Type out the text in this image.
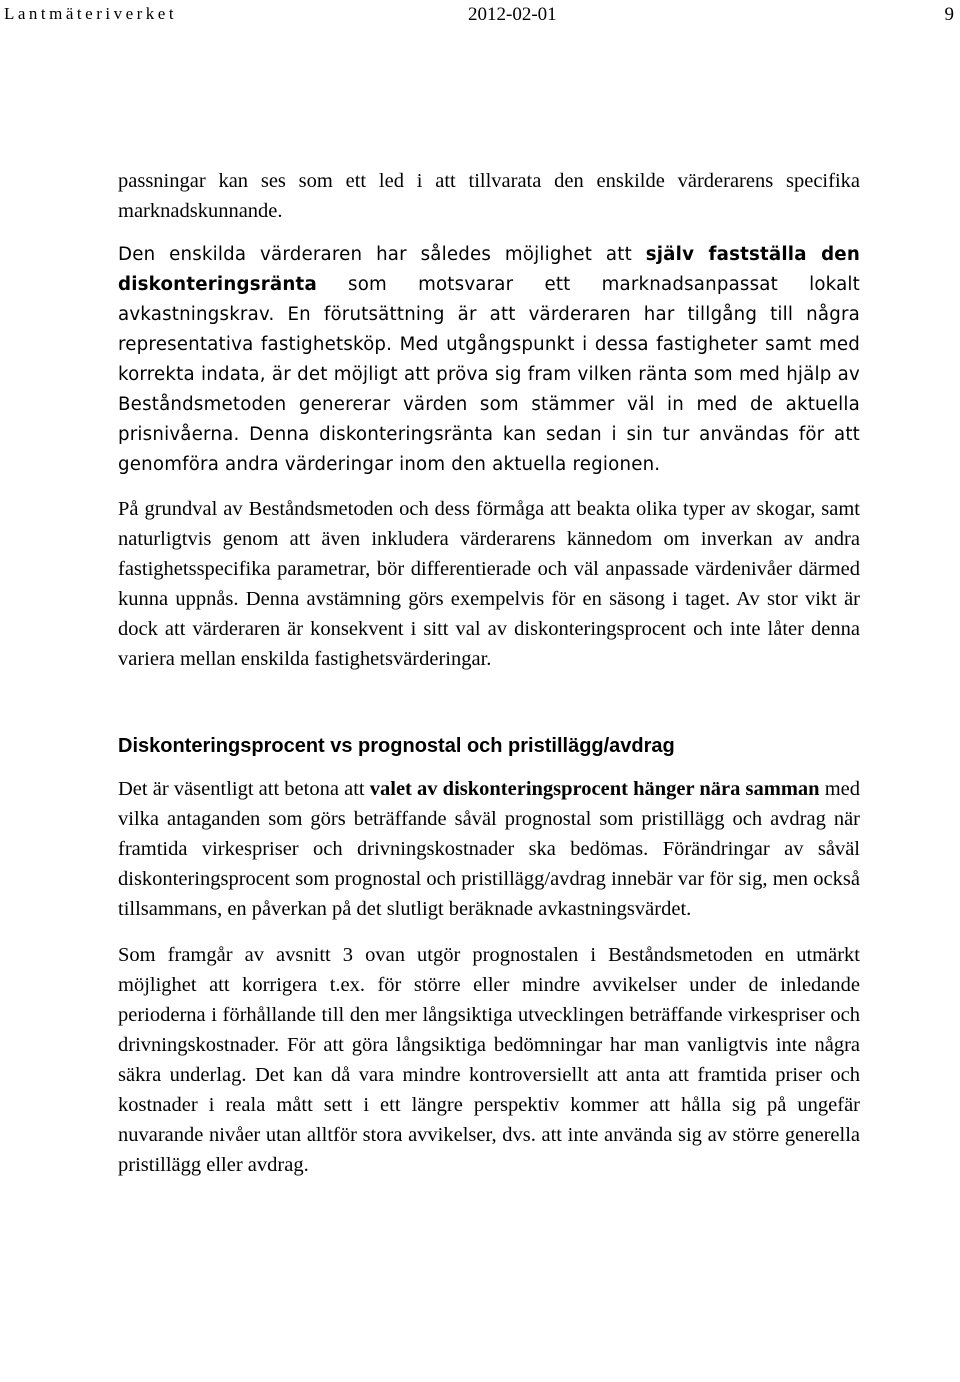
Lantmäteriverket	2012-02-01	9

passningar kan ses som ett led i att tillvarata den enskilde värderarens specifika marknadskunnande.

Den enskilda värderaren har således möjlighet att själv fastställa den diskonteringsränta som motsvarar ett marknadsanpassat lokalt avkastningskrav. En förutsättning är att värderaren har tillgång till några representativa fastighetsköp. Med utgångspunkt i dessa fastigheter samt med korrekta indata, är det möjligt att pröva sig fram vilken ränta som med hjälp av Beståndsmetoden genererar värden som stämmer väl in med de aktuella prisnivåerna. Denna diskonteringsränta kan sedan i sin tur användas för att genomföra andra värderingar inom den aktuella regionen.

På grundval av Beståndsmetoden och dess förmåga att beakta olika typer av skogar, samt naturligtvis genom att även inkludera värderarens kännedom om inverkan av andra fastighetsspecifika parametrar, bör differentierade och väl anpassade värdenivåer därmed kunna uppnås. Denna avstämning görs exempelvis för en säsong i taget. Av stor vikt är dock att värderaren är konsekvent i sitt val av diskonteringsprocent och inte låter denna variera mellan enskilda fastighetsvärderingar.

Diskonteringsprocent vs prognostal och pristillägg/avdrag

Det är väsentligt att betona att valet av diskonteringsprocent hänger nära samman med vilka antaganden som görs beträffande såväl prognostal som pristillägg och avdrag när framtida virkespriser och drivningskostnader ska bedömas. Förändringar av såväl diskonteringsprocent som prognostal och pristillägg/avdrag innebär var för sig, men också tillsammans, en påverkan på det slutligt beräknade avkastningsvärdet.

Som framgår av avsnitt 3 ovan utgör prognostalen i Beståndsmetoden en utmärkt möjlighet att korrigera t.ex. för större eller mindre avvikelser under de inledande perioderna i förhållande till den mer långsiktiga utvecklingen beträffande virkespriser och drivningskostnader. För att göra långsiktiga bedömningar har man vanligtvis inte några säkra underlag. Det kan då vara mindre kontroversiellt att anta att framtida priser och kostnader i reala mått sett i ett längre perspektiv kommer att hålla sig på ungefär nuvarande nivåer utan alltför stora avvikelser, dvs. att inte använda sig av större generella pristillägg eller avdrag.
